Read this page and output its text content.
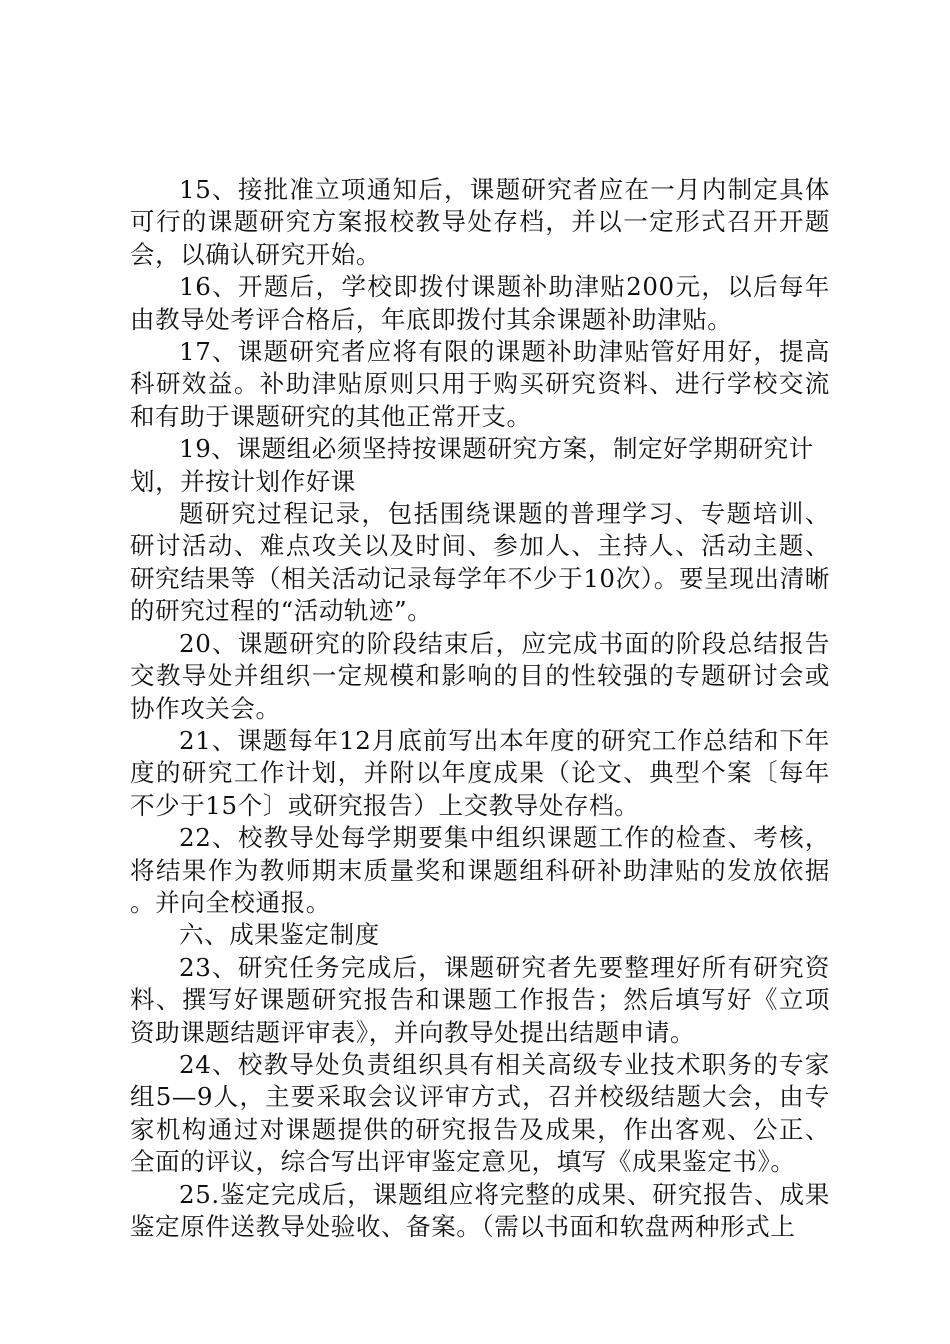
15、接批准立项通知后，课题研究者应在一月内制定具体可行的课题研究方案报校教导处存档，并以一定形式召开开题会，以确认研究开始。

16、开题后，学校即拨付课题补助津贴200元，以后每年由教导处考评合格后，年底即拨付其余课题补助津贴。

17、课题研究者应将有限的课题补助津贴管好用好，提高科研效益。补助津贴原则只用于购买研究资料、进行学校交流和有助于课题研究的其他正常开支。

19、课题组必须坚持按课题研究方案，制定好学期研究计划，并按计划作好课

题研究过程记录，包括围绕课题的普理学习、专题培训、研讨活动、难点攻关以及时间、参加人、主持人、活动主题、研究结果等（相关活动记录每学年不少于10次）。要呈现出清晰的研究过程的“活动轨迹”。

20、课题研究的阶段结束后，应完成书面的阶段总结报告交教导处并组织一定规模和影响的目的性较强的专题研讨会或协作攻关会。

21、课题每年12月底前写出本年度的研究工作总结和下年度的研究工作计划，并附以年度成果（论文、典型个案〔每年不少于15个〕或研究报告）上交教导处存档。

22、校教导处每学期要集中组织课题工作的检查、考核，将结果作为教师期末质量奖和课题组科研补助津贴的发放依据。并向全校通报。

六、成果鉴定制度

23、研究任务完成后，课题研究者先要整理好所有研究资料、撰写好课题研究报告和课题工作报告；然后填写好《立项资助课题结题评审表》，并向教导处提出结题申请。

24、校教导处负责组织具有相关高级专业技术职务的专家组5—9人，主要采取会议评审方式，召并校级结题大会，由专家机构通过对课题提供的研究报告及成果，作出客观、公正、全面的评议，综合写出评审鉴定意见，填写《成果鉴定书》。

25.鉴定完成后，课题组应将完整的成果、研究报告、成果鉴定原件送教导处验收、备案。（需以书面和软盘两种形式上
